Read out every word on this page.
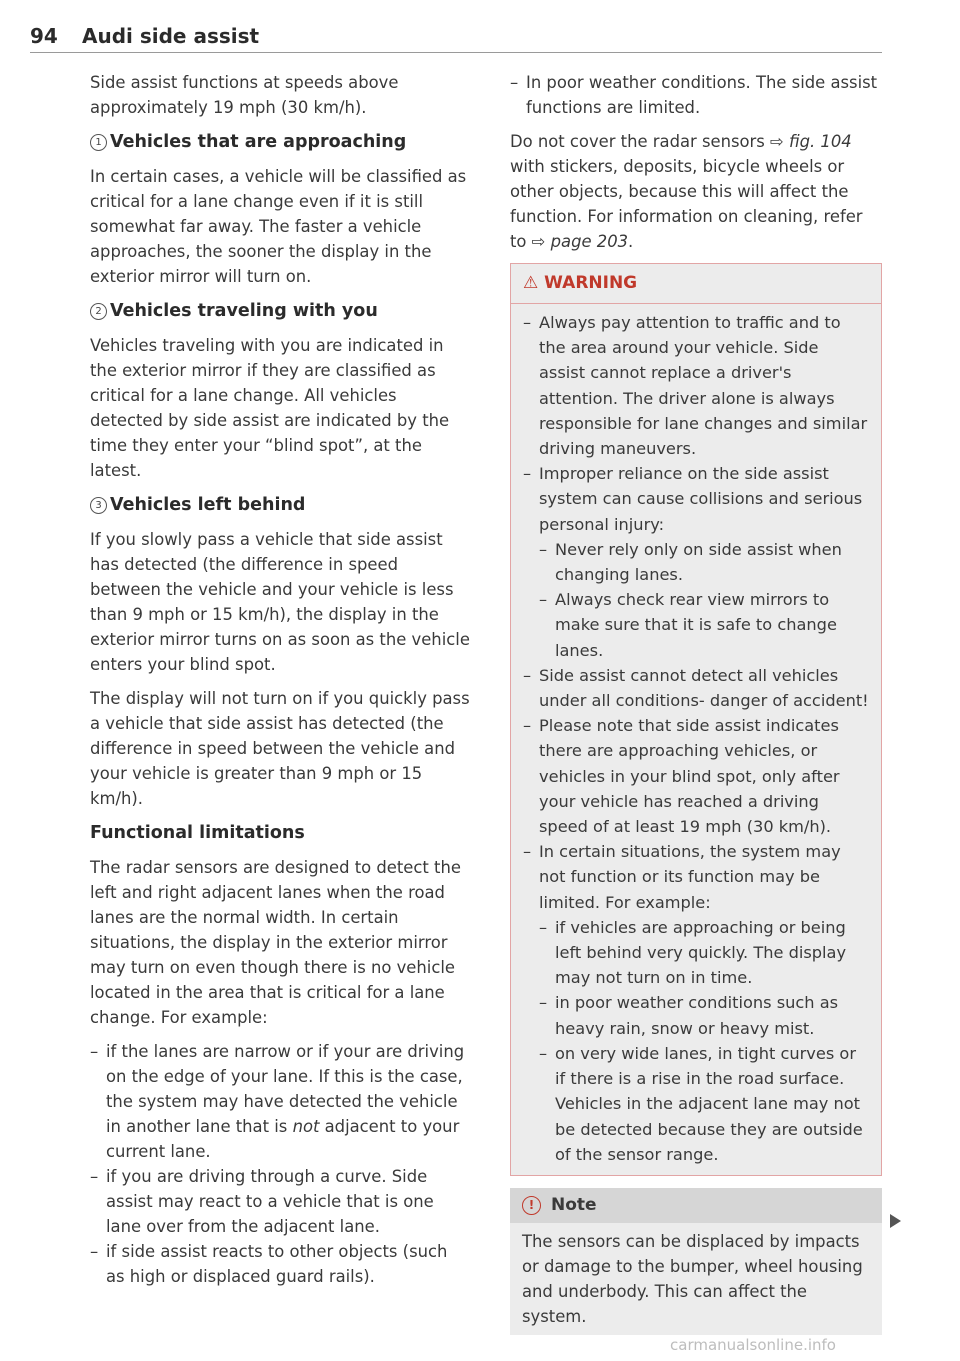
94 Audi side assist

Side assist functions at speeds above approximately 19 mph (30 km/h).

1 Vehicles that are approaching

In certain cases, a vehicle will be classified as critical for a lane change even if it is still somewhat far away. The faster a vehicle approaches, the sooner the display in the exterior mirror will turn on.

2 Vehicles traveling with you

Vehicles traveling with you are indicated in the exterior mirror if they are classified as critical for a lane change. All vehicles detected by side assist are indicated by the time they enter your “blind spot”, at the latest.

3 Vehicles left behind

If you slowly pass a vehicle that side assist has detected (the difference in speed between the vehicle and your vehicle is less than 9 mph or 15 km/h), the display in the exterior mirror turns on as soon as the vehicle enters your blind spot.

The display will not turn on if you quickly pass a vehicle that side assist has detected (the difference in speed between the vehicle and your vehicle is greater than 9 mph or 15 km/h).

Functional limitations

The radar sensors are designed to detect the left and right adjacent lanes when the road lanes are the normal width. In certain situations, the display in the exterior mirror may turn on even though there is no vehicle located in the area that is critical for a lane change. For example:

– if the lanes are narrow or if your are driving on the edge of your lane. If this is the case, the system may have detected the vehicle in another lane that is not adjacent to your current lane.
– if you are driving through a curve. Side assist may react to a vehicle that is one lane over from the adjacent lane.
– if side assist reacts to other objects (such as high or displaced guard rails).
– In poor weather conditions. The side assist functions are limited.

Do not cover the radar sensors ⇨ fig. 104 with stickers, deposits, bicycle wheels or other objects, because this will affect the function. For information on cleaning, refer to ⇨ page 203.

⚠ WARNING
– Always pay attention to traffic and to the area around your vehicle. Side assist cannot replace a driver's attention. The driver alone is always responsible for lane changes and similar driving maneuvers.
– Improper reliance on the side assist system can cause collisions and serious personal injury:
– Never rely only on side assist when changing lanes.
– Always check rear view mirrors to make sure that it is safe to change lanes.
– Side assist cannot detect all vehicles under all conditions- danger of accident!
– Please note that side assist indicates there are approaching vehicles, or vehicles in your blind spot, only after your vehicle has reached a driving speed of at least 19 mph (30 km/h).
– In certain situations, the system may not function or its function may be limited. For example:
– if vehicles are approaching or being left behind very quickly. The display may not turn on in time.
– in poor weather conditions such as heavy rain, snow or heavy mist.
– on very wide lanes, in tight curves or if there is a rise in the road surface. Vehicles in the adjacent lane may not be detected because they are outside of the sensor range.
! Note

The sensors can be displaced by impacts or damage to the bumper, wheel housing and underbody. This can affect the system.

carmanualsonline.info
